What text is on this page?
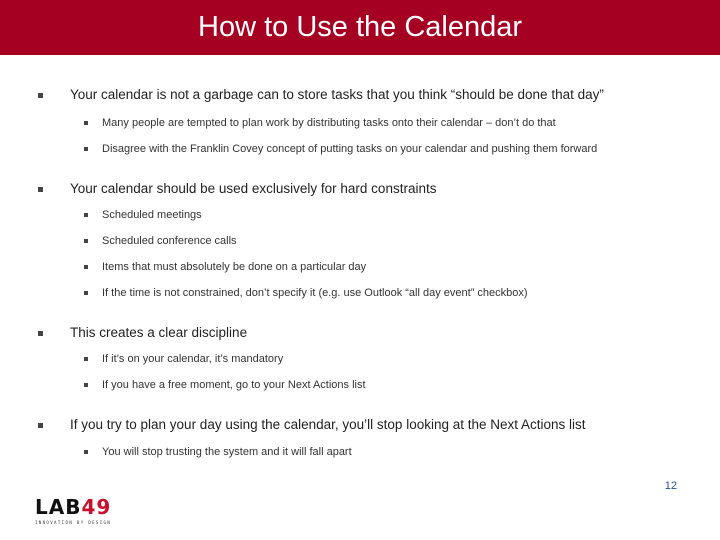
How to Use the Calendar
Your calendar is not a garbage can to store tasks that you think “should be done that day”
Many people are tempted to plan work by distributing tasks onto their calendar – don’t do that
Disagree with the Franklin Covey concept of putting tasks on your calendar and pushing them forward
Your calendar should be used exclusively for hard constraints
Scheduled meetings
Scheduled conference calls
Items that must absolutely be done on a particular day
If the time is not constrained, don’t specify it (e.g. use Outlook “all day event” checkbox)
This creates a clear discipline
If it’s on your calendar, it’s mandatory
If you have a free moment, go to your Next Actions list
If you try to plan your day using the calendar, you’ll stop looking at the Next Actions list
You will stop trusting the system and it will fall apart
LAB 49
INNOVATION BY DESIGN
12
